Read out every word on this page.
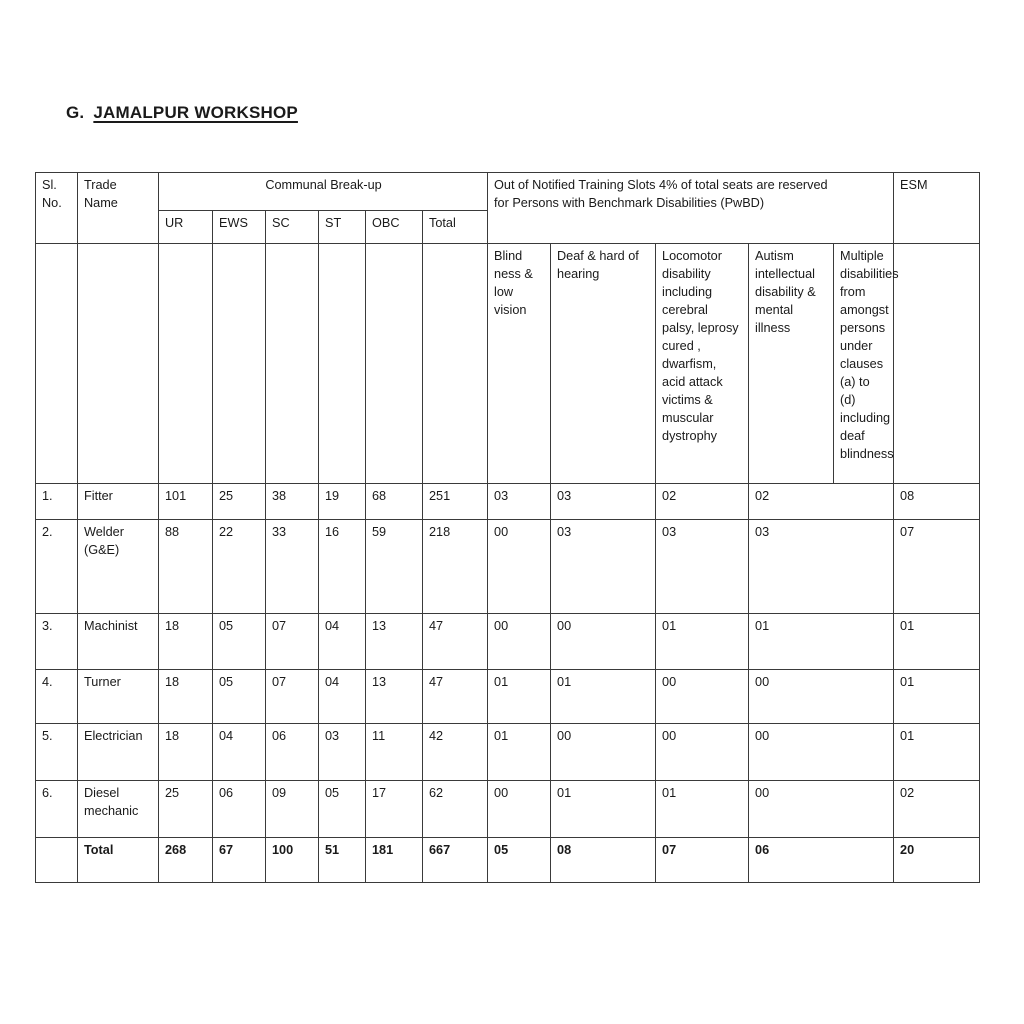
G. JAMALPUR WORKSHOP
Sl. No.	Trade Name	Communal Break-up						Out of Notified Training Slots 4% of total seats are reserved
for Persons with Benchmark Disabilities (PwBD)					ESM
		UR	EWS	SC	ST	OBC	Total						
								Blind ness & low vision	Deaf & hard of hearing	Locomotor disability including cerebral palsy, leprosy cured , dwarfism, acid attack victims & muscular dystrophy	Autism intellectual disability & mental illness	Multiple disabilities from amongst persons under clauses (a) to (d) including deaf blindness	
1.	Fitter	101	25	38	19	68	251	03	03	02	02		08
2.	Welder (G&E)	88	22	33	16	59	218	00	03	03	03		07
3.	Machinist	18	05	07	04	13	47	00	00	01	01		01
4.	Turner	18	05	07	04	13	47	01	01	00	00		01
5.	Electrician	18	04	06	03	11	42	01	00	00	00		01
6.	Diesel mechanic	25	06	09	05	17	62	00	01	01	00		02
	Total	268	67	100	51	181	667	05	08	07	06		20
